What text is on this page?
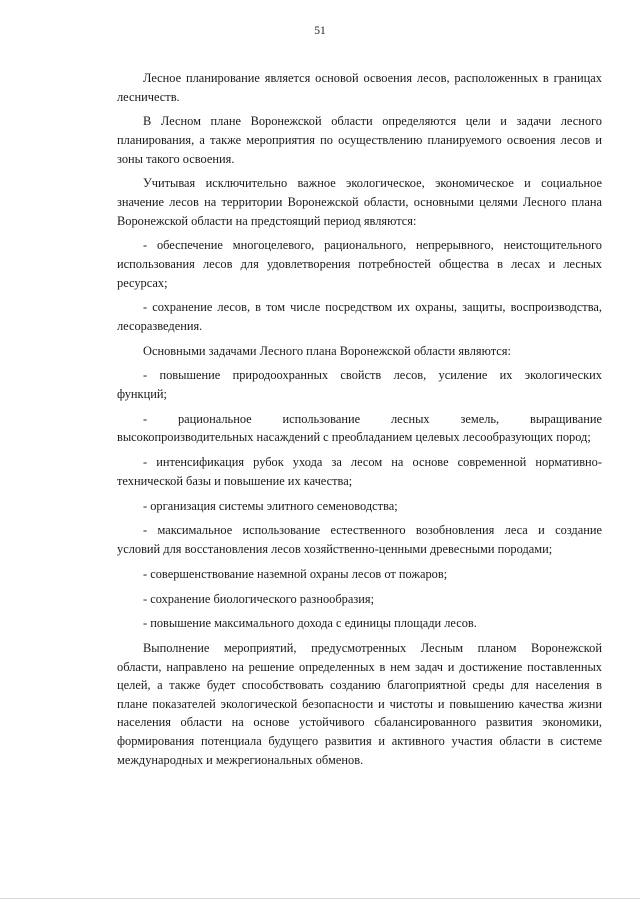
51
Лесное планирование является основой освоения лесов, расположенных в границах
лесничеств.
В Лесном плане Воронежской области определяются цели и задачи лесного
планирования, а также мероприятия по осуществлению планируемого освоения лесов и
зоны такого освоения.
Учитывая исключительно важное экологическое, экономическое и социальное
значение лесов на территории Воронежской области, основными целями Лесного плана
Воронежской области на предстоящий период являются:
- обеспечение многоцелевого, рационального, непрерывного, неистощительного
использования лесов для удовлетворения потребностей общества в лесах и лесных
ресурсах;
- сохранение лесов, в том числе посредством их охраны, защиты, воспроизводства,
лесоразведения.
Основными задачами Лесного плана Воронежской области являются:
- повышение природоохранных свойств лесов, усиление их экологических
функций;
- рациональное использование лесных земель, выращивание
высокопроизводительных насаждений с преобладанием целевых лесообразующих пород;
- интенсификация рубок ухода за лесом на основе современной нормативно-
технической базы и повышение их качества;
- организация системы элитного семеноводства;
- максимальное использование естественного возобновления леса и создание
условий для восстановления лесов хозяйственно-ценными древесными породами;
- совершенствование наземной охраны лесов от пожаров;
- сохранение биологического разнообразия;
- повышение максимального дохода с единицы площади лесов.
Выполнение мероприятий, предусмотренных Лесным планом Воронежской
области, направлено на решение определенных в нем задач и достижение поставленных
целей, а также будет способствовать созданию благоприятной среды для населения в
плане показателей экологической безопасности и чистоты и повышению качества жизни
населения области на основе устойчивого сбалансированного развития экономики,
формирования потенциала будущего развития и активного участия области в системе
международных и межрегиональных обменов.
